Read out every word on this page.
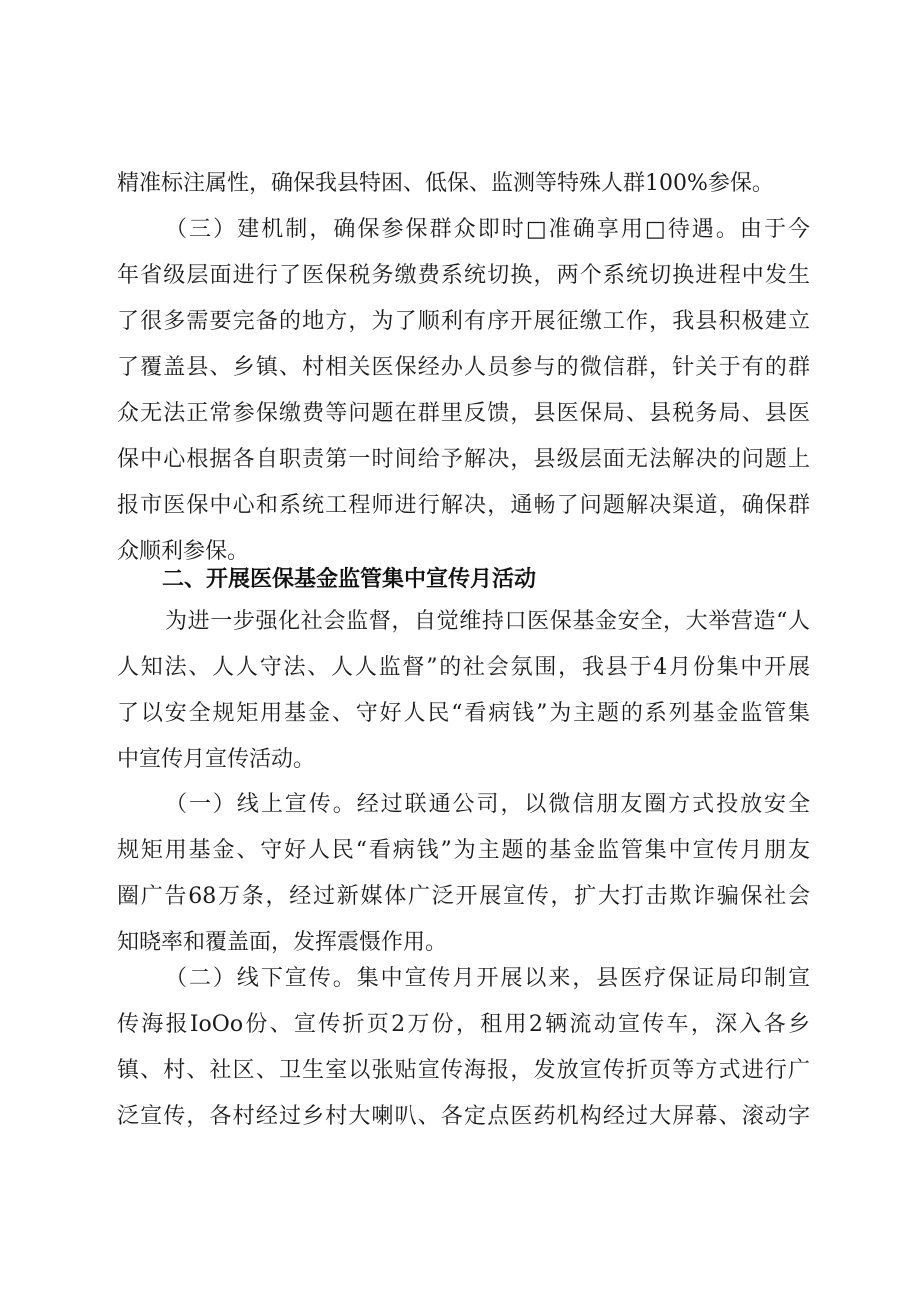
精准标注属性，确保我县特困、低保、监测等特殊人群100%参保。
（三）建机制，确保参保群众即时□准确享用□待遇。由于今
年省级层面进行了医保税务缴费系统切换，两个系统切换进程中发生
了很多需要完备的地方，为了顺利有序开展征缴工作，我县积极建立
了覆盖县、乡镇、村相关医保经办人员参与的微信群，针关于有的群
众无法正常参保缴费等问题在群里反馈，县医保局、县税务局、县医
保中心根据各自职责第一时间给予解决，县级层面无法解决的问题上
报市医保中心和系统工程师进行解决，通畅了问题解决渠道，确保群
众顺利参保。
二、开展医保基金监管集中宣传月活动
为进一步强化社会监督，自觉维持口医保基金安全，大举营造“人
人知法、人人守法、人人监督”的社会氛围，我县于4月份集中开展
了以安全规矩用基金、守好人民“看病钱”为主题的系列基金监管集
中宣传月宣传活动。
（一）线上宣传。经过联通公司，以微信朋友圈方式投放安全
规矩用基金、守好人民“看病钱”为主题的基金监管集中宣传月朋友
圈广告68万条，经过新媒体广泛开展宣传，扩大打击欺诈骗保社会
知晓率和覆盖面，发挥震慑作用。
（二）线下宣传。集中宣传月开展以来，县医疗保证局印制宣
传海报IoOo份、宣传折页2万份，租用2辆流动宣传车，深入各乡
镇、村、社区、卫生室以张贴宣传海报，发放宣传折页等方式进行广
泛宣传，各村经过乡村大喇叭、各定点医药机构经过大屏幕、滚动字
